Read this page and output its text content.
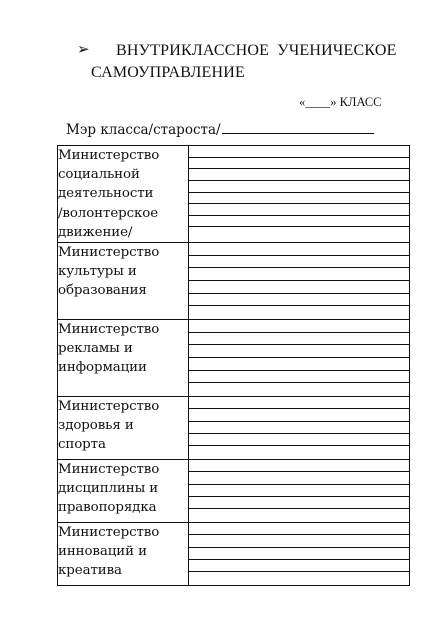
➢ ВНУТРИКЛАССНОЕ УЧЕНИЧЕСКОЕ
САМОУПРАВЛЕНИЕ
«____» КЛАСС
Мэр класса/староста/
Министерство
социальной
деятельности
/волонтерское
движение/	

Министерство
культуры и
образования	

Министерство
рекламы и
информации	

Министерство
здоровья и
спорта	

Министерство
дисциплины и
правопорядка	

Министерство
инноваций и
креатива	
